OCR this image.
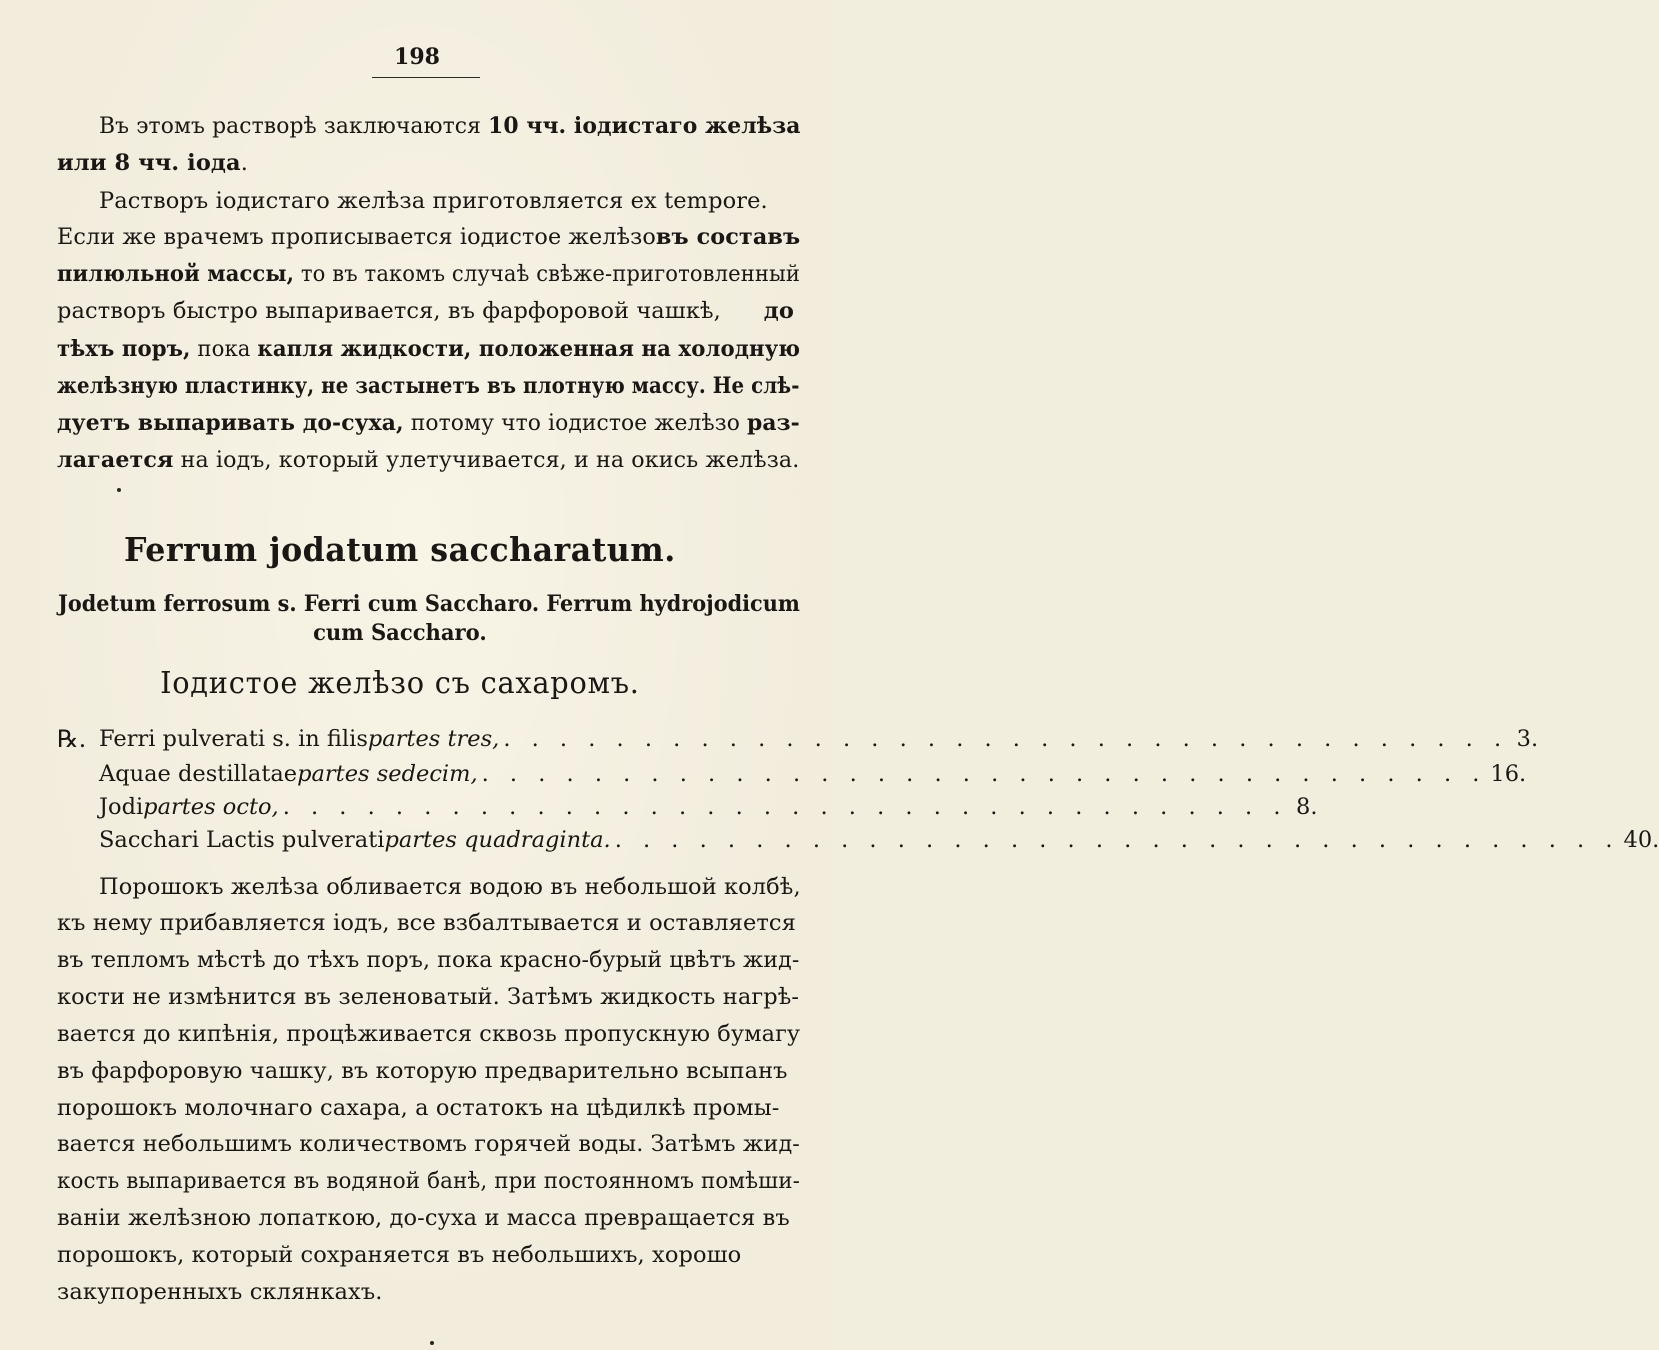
198
Въ этомъ растворѣ заключаются 10 чч. іодистаго желѣза
или 8 чч. іода.
Растворъ іодистаго желѣза приготовляется ex tempore.
Если же врачемъ прописывается іодистое желѣзо въ составъ
пилюльной массы, то въ такомъ случаѣ свѣже-приготовленный
растворъ быстро выпаривается, въ фарфоровой чашкѣ, до
тѣхъ поръ, пока капля жидкости, положенная на холодную
желѣзную пластинку, не застынетъ въ плотную массу. Не слѣ-
дуетъ выпаривать до-суха, потому что іодистое желѣзо раз-
лагается на іодъ, который улетучивается, и на окись желѣза.
Ferrum jodatum saccharatum.
Jodetum ferrosum s. Ferri cum Saccharo. Ferrum hydrojodicum
cum Saccharo.
Іодистое желѣзо съ сахаромъ.
℞. Ferri pulverati s. in filis partes tres, . . . . . . . . . . . . . . . . . . . . . . . . . . . . . . . . . . . . 3.
Aquae destillatae partes sedecim, . . . . . . . . . . . . . . . . . . . . . . . . . . . . . . . . . . . . 16.
Jodi partes octo, . . . . . . . . . . . . . . . . . . . . . . . . . . . . . . . . . . . . 8.
Sacchari Lactis pulverati partes quadraginta. . . . . . . . . . . . . . . . . . . . . . . . . . . . . . . . . . . . . 40.
Порошокъ желѣза обливается водою въ небольшой колбѣ,
къ нему прибавляется іодъ, все взбалтывается и оставляется
въ тепломъ мѣстѣ до тѣхъ поръ, пока красно-бурый цвѣтъ жид-
кости не измѣнится въ зеленоватый. Затѣмъ жидкость нагрѣ-
вается до кипѣнія, процѣживается сквозь пропускную бумагу
въ фарфоровую чашку, въ которую предварительно всыпанъ
порошокъ молочнаго сахара, а остатокъ на цѣдилкѣ промы-
вается небольшимъ количествомъ горячей воды. Затѣмъ жид-
кость выпаривается въ водяной банѣ, при постоянномъ помѣши-
ваніи желѣзною лопаткою, до-суха и масса превращается въ
порошокъ, который сохраняется въ небольшихъ, хорошо
закупоренныхъ склянкахъ.
